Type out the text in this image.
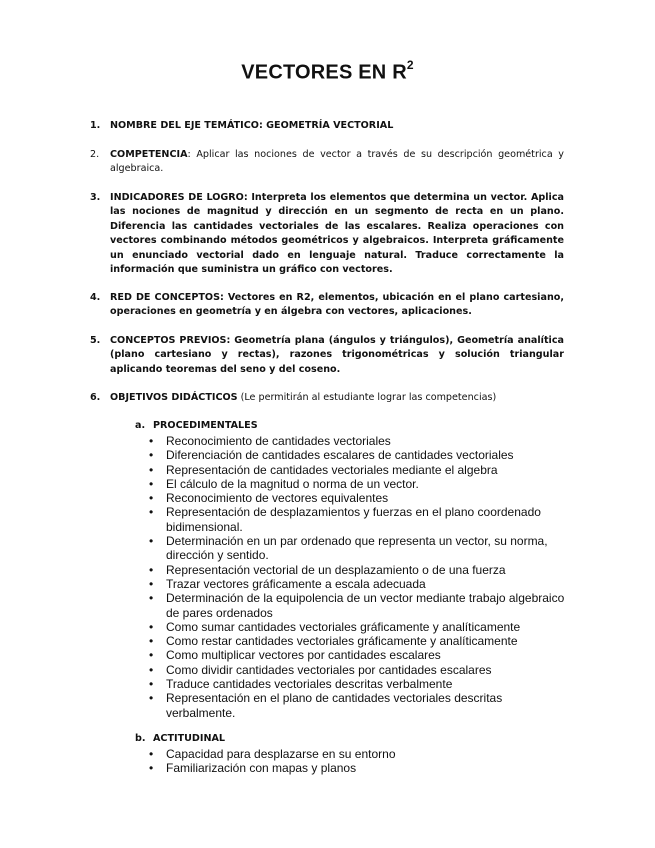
VECTORES EN $R^2$
1.	NOMBRE DEL EJE TEMÁTICO: GEOMETRÍA VECTORIAL
2.	COMPETENCIA: Aplicar las nociones de vector a través de su descripción geométrica y algebraica.
3.	INDICADORES DE LOGRO: Interpreta los elementos que determina un vector. Aplica las nociones de magnitud y dirección en un segmento de recta en un plano. Diferencia las cantidades vectoriales de las escalares. Realiza operaciones con vectores combinando métodos geométricos y algebraicos. Interpreta gráficamente un enunciado vectorial dado en lenguaje natural. Traduce correctamente la información que suministra un gráfico con vectores.
4.	RED DE CONCEPTOS: Vectores en R2, elementos, ubicación en el plano cartesiano, operaciones en geometría y en álgebra con vectores, aplicaciones.
5.	CONCEPTOS PREVIOS: Geometría plana (ángulos y triángulos), Geometría analítica (plano cartesiano y rectas), razones trigonométricas y solución triangular aplicando teoremas del seno y del coseno.
6.	OBJETIVOS DIDÁCTICOS (Le permitirán al estudiante lograr las competencias)
a. PROCEDIMENTALES
• Reconocimiento de cantidades vectoriales
• Diferenciación de cantidades escalares de cantidades vectoriales
• Representación de cantidades vectoriales mediante el algebra
• El cálculo de la magnitud o norma de un vector.
• Reconocimiento de vectores equivalentes
• Representación de desplazamientos y fuerzas en el plano coordenado bidimensional.
• Determinación en un par ordenado que representa un vector, su norma, dirección y sentido.
• Representación vectorial de un desplazamiento o de una fuerza
• Trazar vectores gráficamente a escala adecuada
• Determinación de la equipolencia de un vector mediante trabajo algebraico de pares ordenados
• Como sumar cantidades vectoriales gráficamente y analíticamente
• Como restar cantidades vectoriales gráficamente y analíticamente
• Como multiplicar vectores por cantidades escalares
• Como dividir cantidades vectoriales por cantidades escalares
• Traduce cantidades vectoriales descritas verbalmente
• Representación en el plano de cantidades vectoriales descritas verbalmente.
b. ACTITUDINAL
• Capacidad para desplazarse en su entorno
• Familiarización con mapas y planos
